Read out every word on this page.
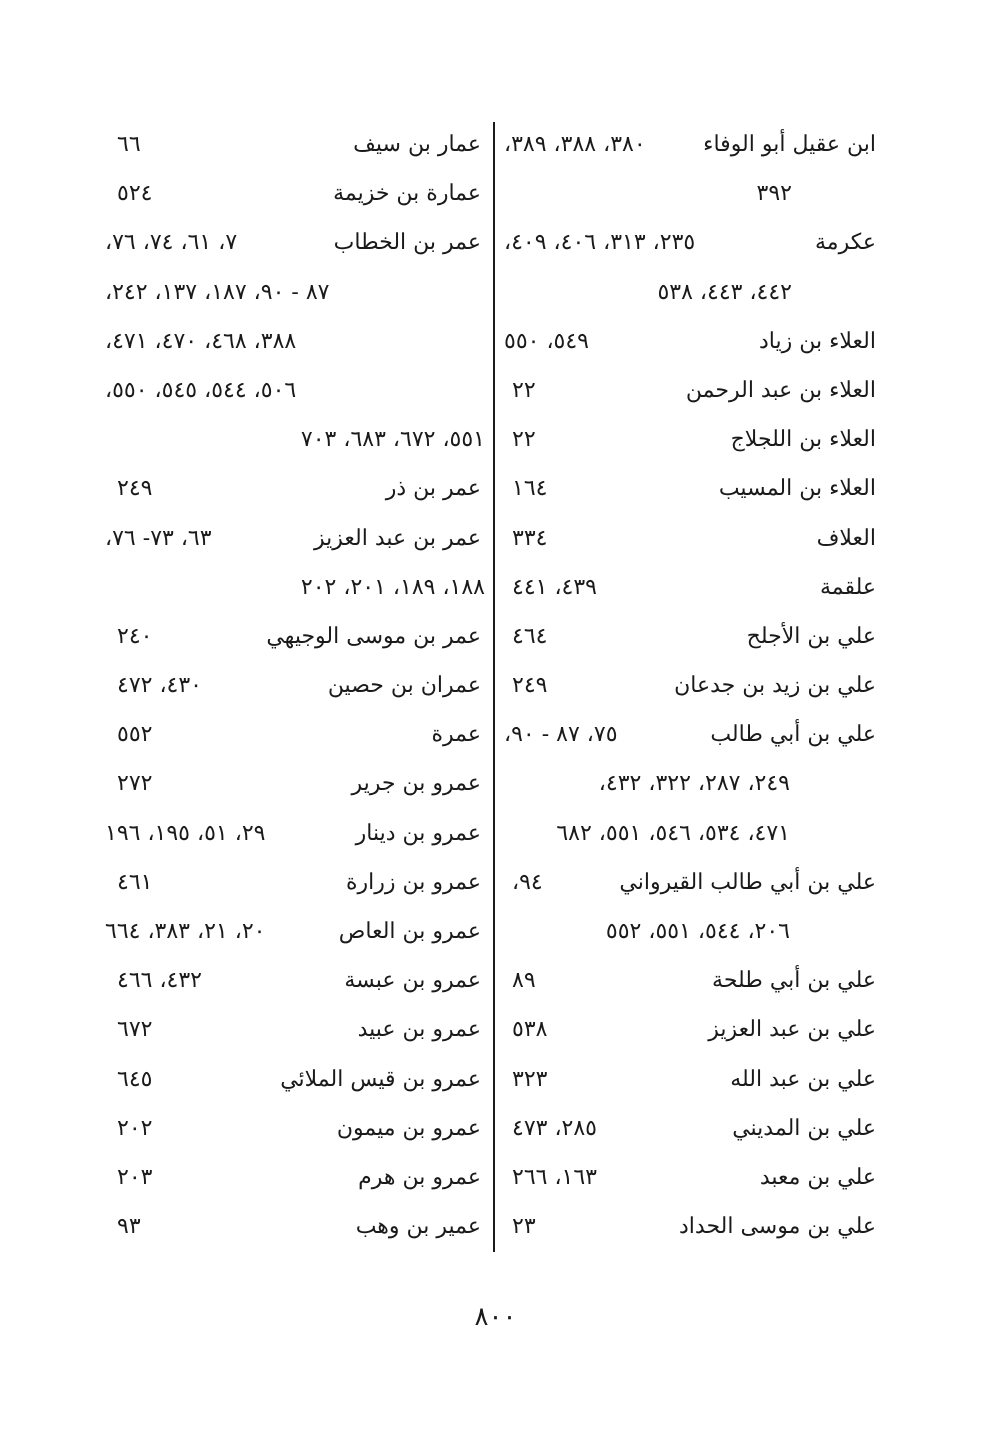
ابن عقيل أبو الوفاء
٣٨٠، ٣٨٨، ٣٨٩،
٣٩٢
عكرمة
٢٣٥، ٣١٣، ٤٠٦، ٤٠٩،
٤٤٢، ٤٤٣، ٥٣٨
العلاء بن زياد
٥٤٩، ٥٥٠
العلاء بن عبد الرحمن
٢٢
العلاء بن اللجلاج
٢٢
العلاء بن المسيب
١٦٤
العلاف
٣٣٤
علقمة
٤٣٩، ٤٤١
علي بن الأجلح
٤٦٤
علي بن زيد بن جدعان
٢٤٩
علي بن أبي طالب
٧٥، ٨٧ - ٩٠،
٢٤٩، ٢٨٧، ٣٢٢، ٤٣٢،
٤٧١، ٥٣٤، ٥٤٦، ٥٥١، ٦٨٢
علي بن أبي طالب القيرواني
٩٤،
٢٠٦، ٥٤٤، ٥٥١، ٥٥٢
علي بن أبي طلحة
٨٩
علي بن عبد العزيز
٥٣٨
علي بن عبد الله
٣٢٣
علي بن المديني
٢٨٥، ٤٧٣
علي بن معبد
١٦٣، ٢٦٦
علي بن موسى الحداد
٢٣
عمار بن سيف
٦٦
عمارة بن خزيمة
٥٢٤
عمر بن الخطاب
٧، ٦١، ٧٤، ٧٦،
٨٧ - ٩٠، ١٨٧، ١٣٧، ٢٤٢،
٣٨٨، ٤٦٨، ٤٧٠، ٤٧١،
٥٠٦، ٥٤٤، ٥٤٥، ٥٥٠،
٥٥١، ٦٧٢، ٦٨٣، ٧٠٣
عمر بن ذر
٢٤٩
عمر بن عبد العزيز
٦٣، ٧٣- ٧٦،
١٨٨، ١٨٩، ٢٠١، ٢٠٢
عمر بن موسى الوجيهي
٢٤٠
عمران بن حصين
٤٣٠، ٤٧٢
عمرة
٥٥٢
عمرو بن جرير
٢٧٢
عمرو بن دينار
٢٩، ٥١، ١٩٥، ١٩٦
عمرو بن زرارة
٤٦١
عمرو بن العاص
٢٠، ٢١، ٣٨٣، ٦٦٤
عمرو بن عبسة
٤٣٢، ٤٦٦
عمرو بن عبيد
٦٧٢
عمرو بن قيس الملائي
٦٤٥
عمرو بن ميمون
٢٠٢
عمرو بن هرم
٢٠٣
عمير بن وهب
٩٣
٨٠٠
